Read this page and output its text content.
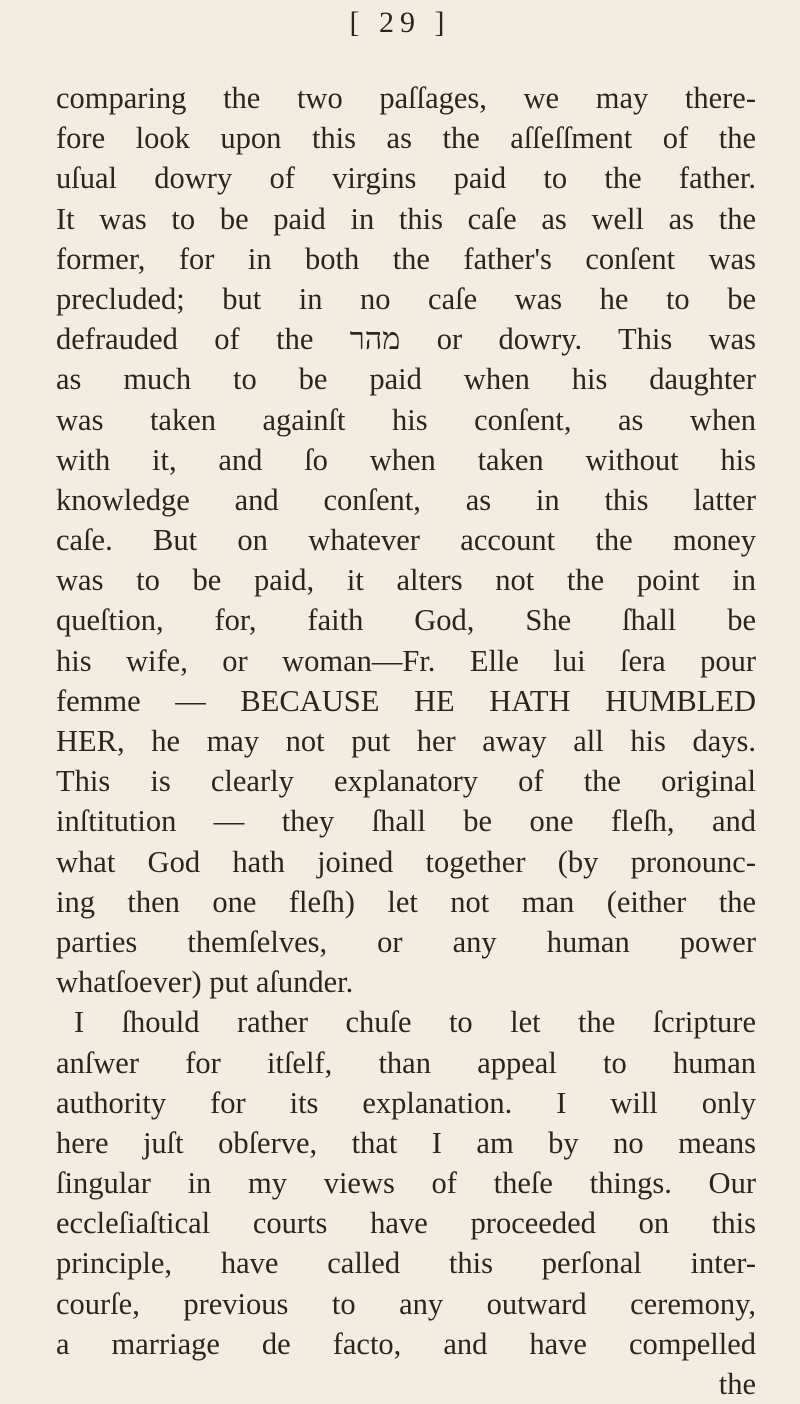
[ 29 ]
comparing the two paſſages, we may there-
fore look upon this as the aſſeſſment of the
uſual dowry of virgins paid to the father.
It was to be paid in this caſe as well as the
former, for in both the father's conſent was
precluded; but in no caſe was he to be
defrauded of the מהר or dowry. This was
as much to be paid when his daughter
was taken againſt his conſent, as when
with it, and ſo when taken without his
knowledge and conſent, as in this latter
caſe. But on whatever account the money
was to be paid, it alters not the point in
queſtion, for, faith God, She ſhall be
his wife, or woman—Fr. Elle lui ſera pour
femme — BECAUSE HE HATH HUMBLED
HER, he may not put her away all his days.
This is clearly explanatory of the original
inſtitution — they ſhall be one fleſh, and
what God hath joined together (by pronounc-
ing then one fleſh) let not man (either the
parties themſelves, or any human power
whatſoever) put aſunder.
I ſhould rather chuſe to let the ſcripture
anſwer for itſelf, than appeal to human
authority for its explanation. I will only
here juſt obſerve, that I am by no means
ſingular in my views of theſe things. Our
eccleſiaſtical courts have proceeded on this
principle, have called this perſonal inter-
courſe, previous to any outward ceremony,
a marriage de facto, and have compelled
the
